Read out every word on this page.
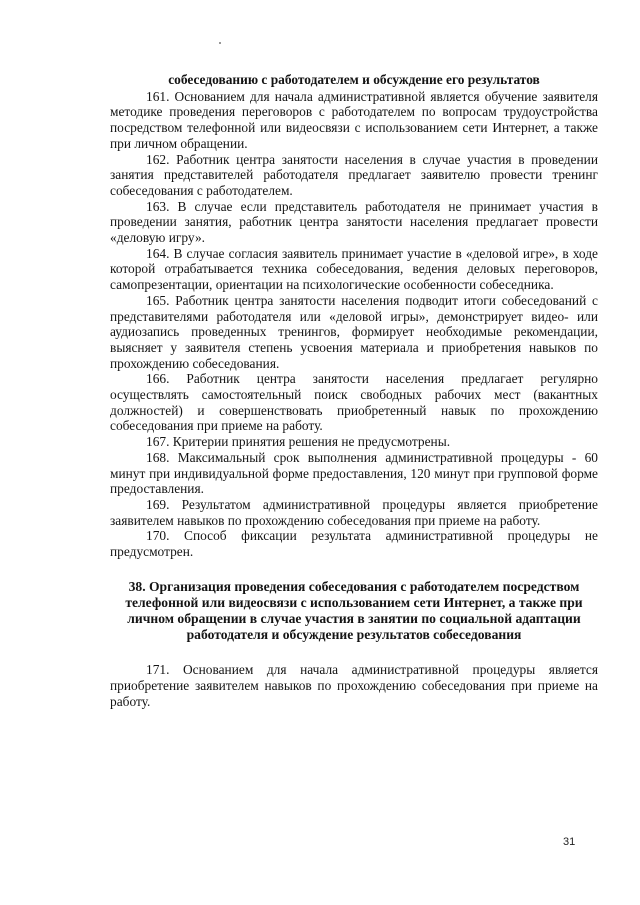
собеседованию с работодателем и обсуждение его результатов

161. Основанием для начала административной является обучение заявителя методике проведения переговоров с работодателем по вопросам трудоустройства посредством телефонной или видеосвязи с использованием сети Интернет, а также при личном обращении.

162. Работник центра занятости населения в случае участия в проведении занятия представителей работодателя предлагает заявителю провести тренинг собеседования с работодателем.

163. В случае если представитель работодателя не принимает участия в проведении занятия, работник центра занятости населения предлагает провести «деловую игру».

164. В случае согласия заявитель принимает участие в «деловой игре», в ходе которой отрабатывается техника собеседования, ведения деловых переговоров, самопрезентации, ориентации на психологические особенности собеседника.

165. Работник центра занятости населения подводит итоги собеседований с представителями работодателя или «деловой игры», демонстрирует видео- или аудиозапись проведенных тренингов, формирует необходимые рекомендации, выясняет у заявителя степень усвоения материала и приобретения навыков по прохождению собеседования.

166. Работник центра занятости населения предлагает регулярно осуществлять самостоятельный поиск свободных рабочих мест (вакантных должностей) и совершенствовать приобретенный навык по прохождению собеседования при приеме на работу.

167. Критерии принятия решения не предусмотрены.

168. Максимальный срок выполнения административной процедуры - 60 минут при индивидуальной форме предоставления, 120 минут при групповой форме предоставления.

169. Результатом административной процедуры является приобретение заявителем навыков по прохождению собеседования при приеме на работу.

170. Способ фиксации результата административной процедуры не предусмотрен.

38. Организация проведения собеседования с работодателем посредством телефонной или видеосвязи с использованием сети Интернет, а также при личном обращении в случае участия в занятии по социальной адаптации работодателя и обсуждение результатов собеседования

171. Основанием для начала административной процедуры является приобретение заявителем навыков по прохождению собеседования при приеме на работу.

31
